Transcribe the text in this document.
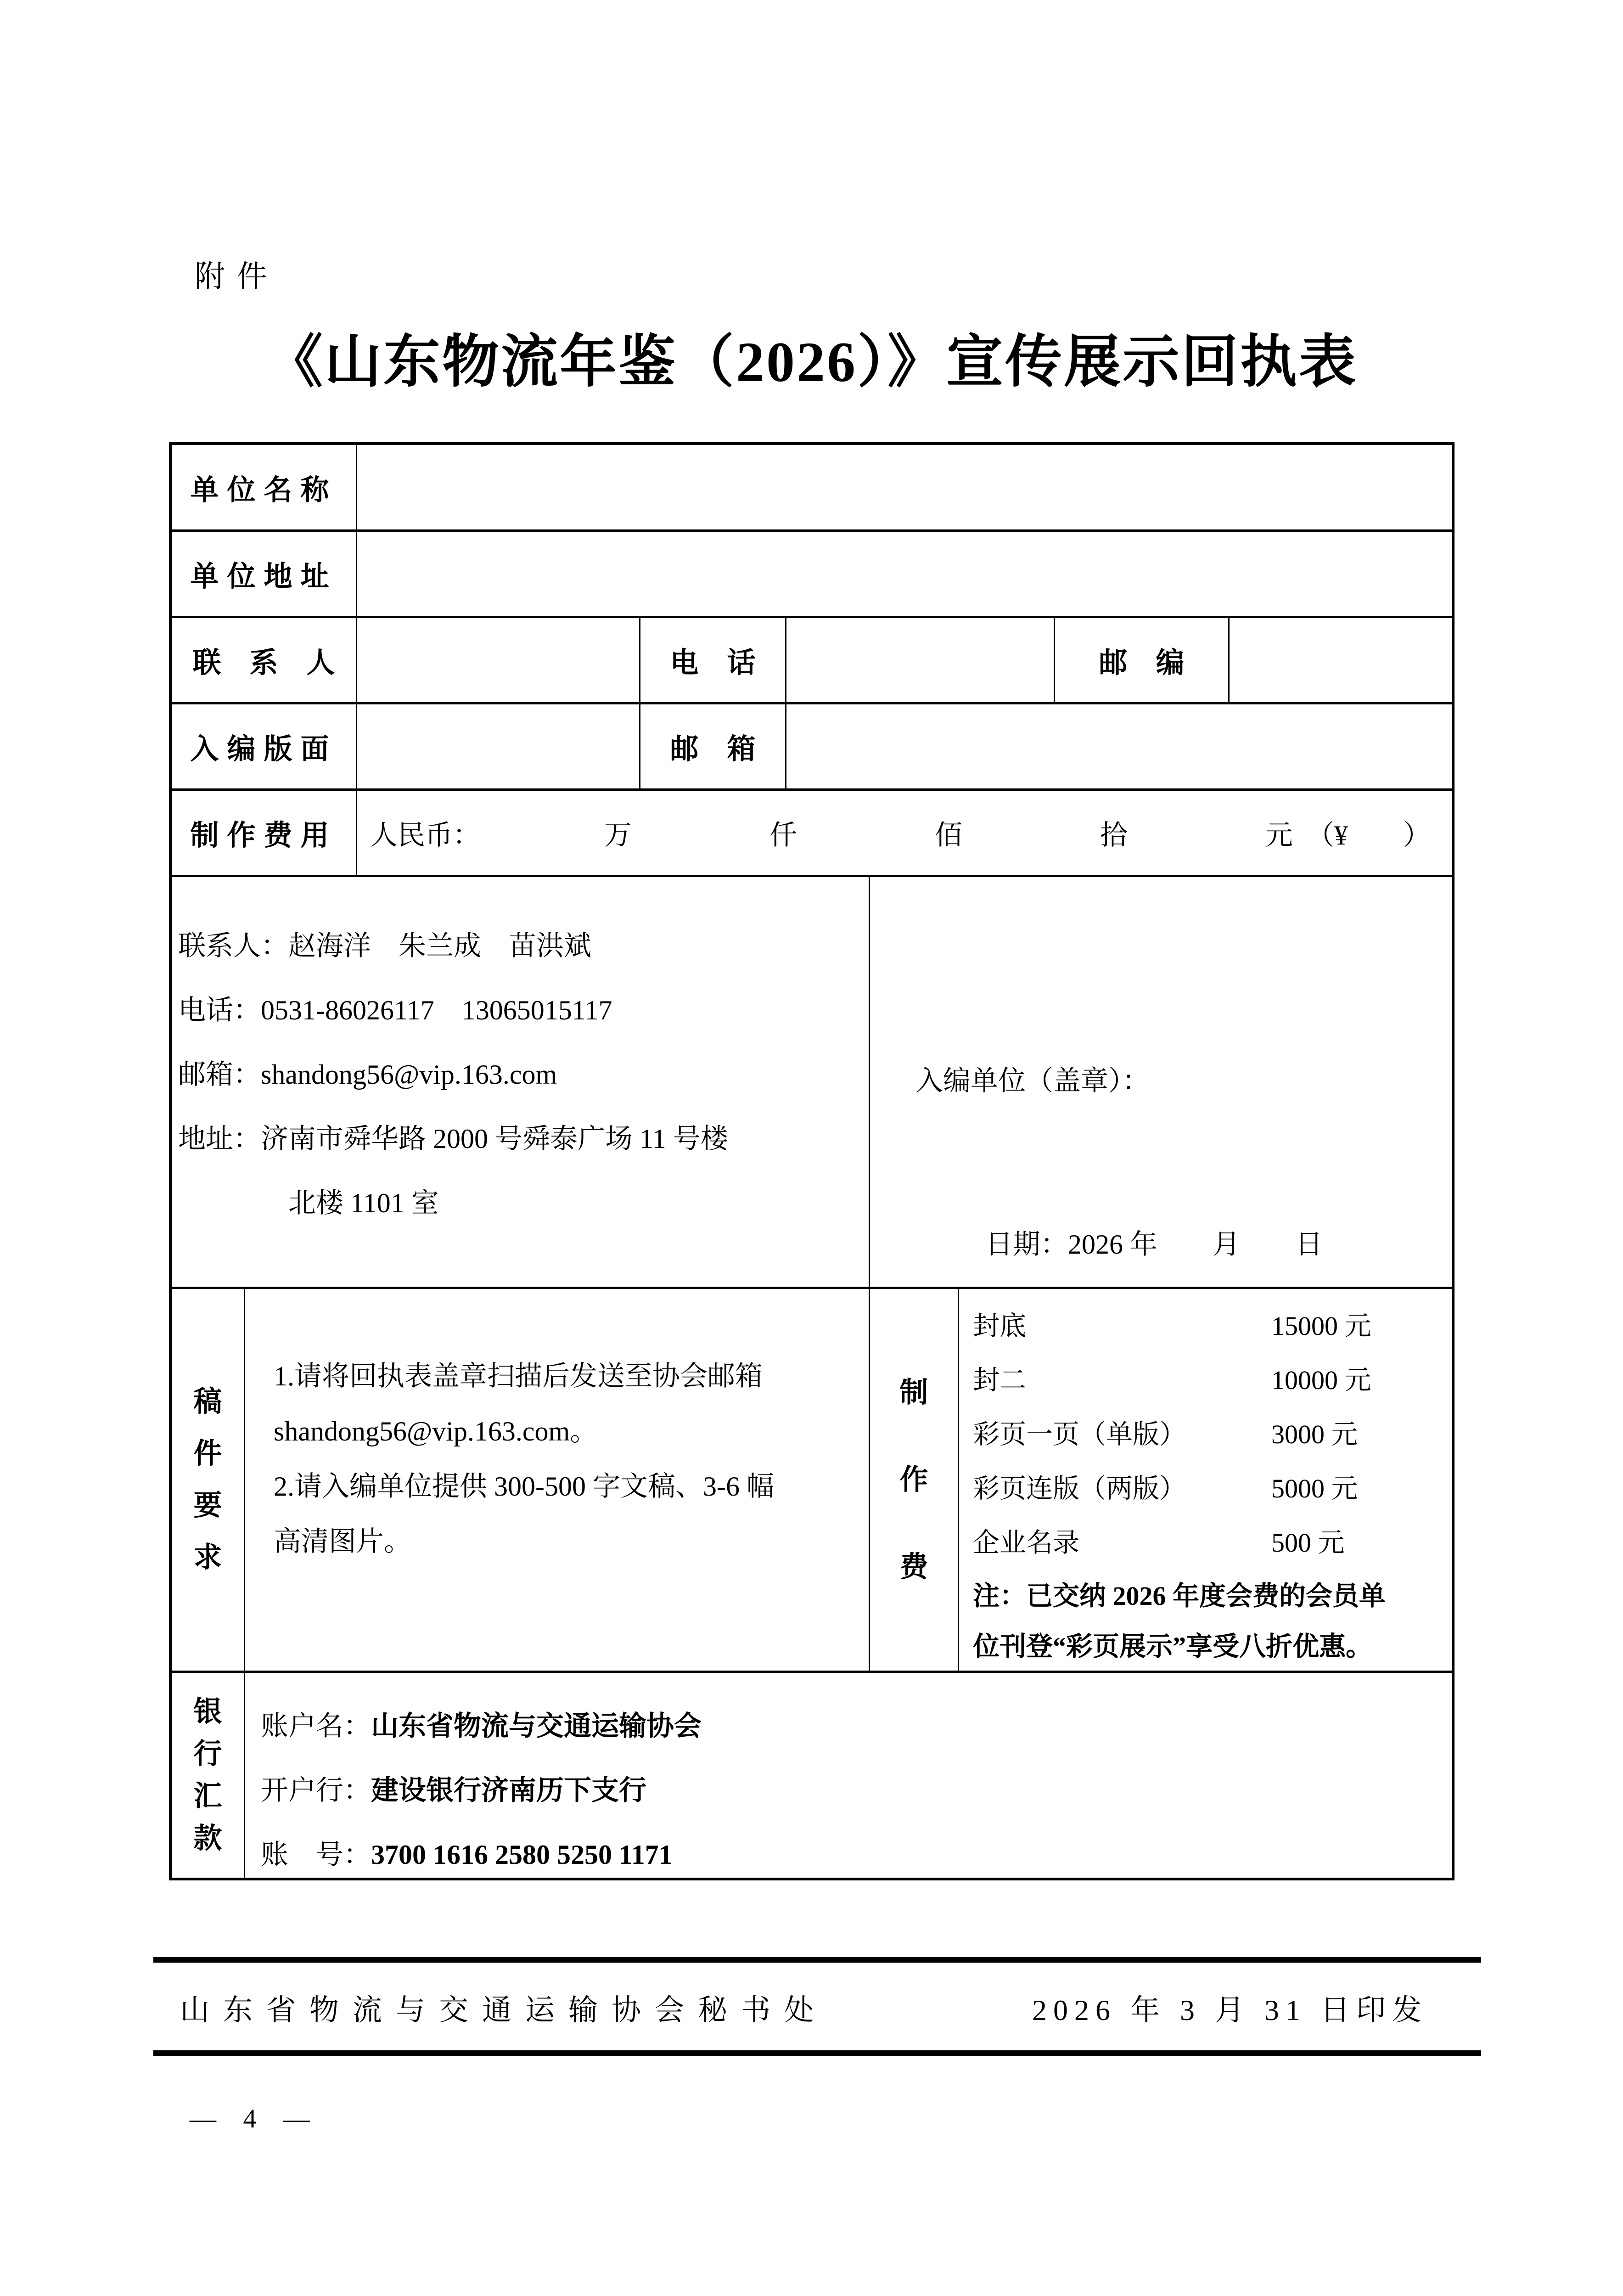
附件
《山东物流年鉴（2026）》宣传展示回执表
单位名称
单位地址
联　系　人	电　话	邮　编
入编版面	邮　箱
制作费用	人民币：　　　　　万　　　　　仟　　　　　佰　　　　　拾　　　　　元　（¥　　）
联系人：赵海洋　朱兰成　苗洪斌
电话：0531-86026117　13065015117
邮箱：shandong56@vip.163.com
地址：济南市舜华路 2000 号舜泰广场 11 号楼
北楼 1101 室
入编单位（盖章）：
日期：2026 年　　月　　日
稿
件
要
求
1.请将回执表盖章扫描后发送至协会邮箱
shandong56@vip.163.com。
2.请入编单位提供 300-500 字文稿、3-6 幅
高清图片。
制
作
费
封底	15000 元
封二	10000 元
彩页一页（单版）	3000 元
彩页连版（两版）	5000 元
企业名录	500 元
注：已交纳 2026 年度会费的会员单
位刊登“彩页展示”享受八折优惠。
银
行
汇
款
账户名：山东省物流与交通运输协会
开户行：建设银行济南历下支行
账　号：3700 1616 2580 5250 1171
山东省物流与交通运输协会秘书处	2026 年 3 月 31 日印发
— 4 —
